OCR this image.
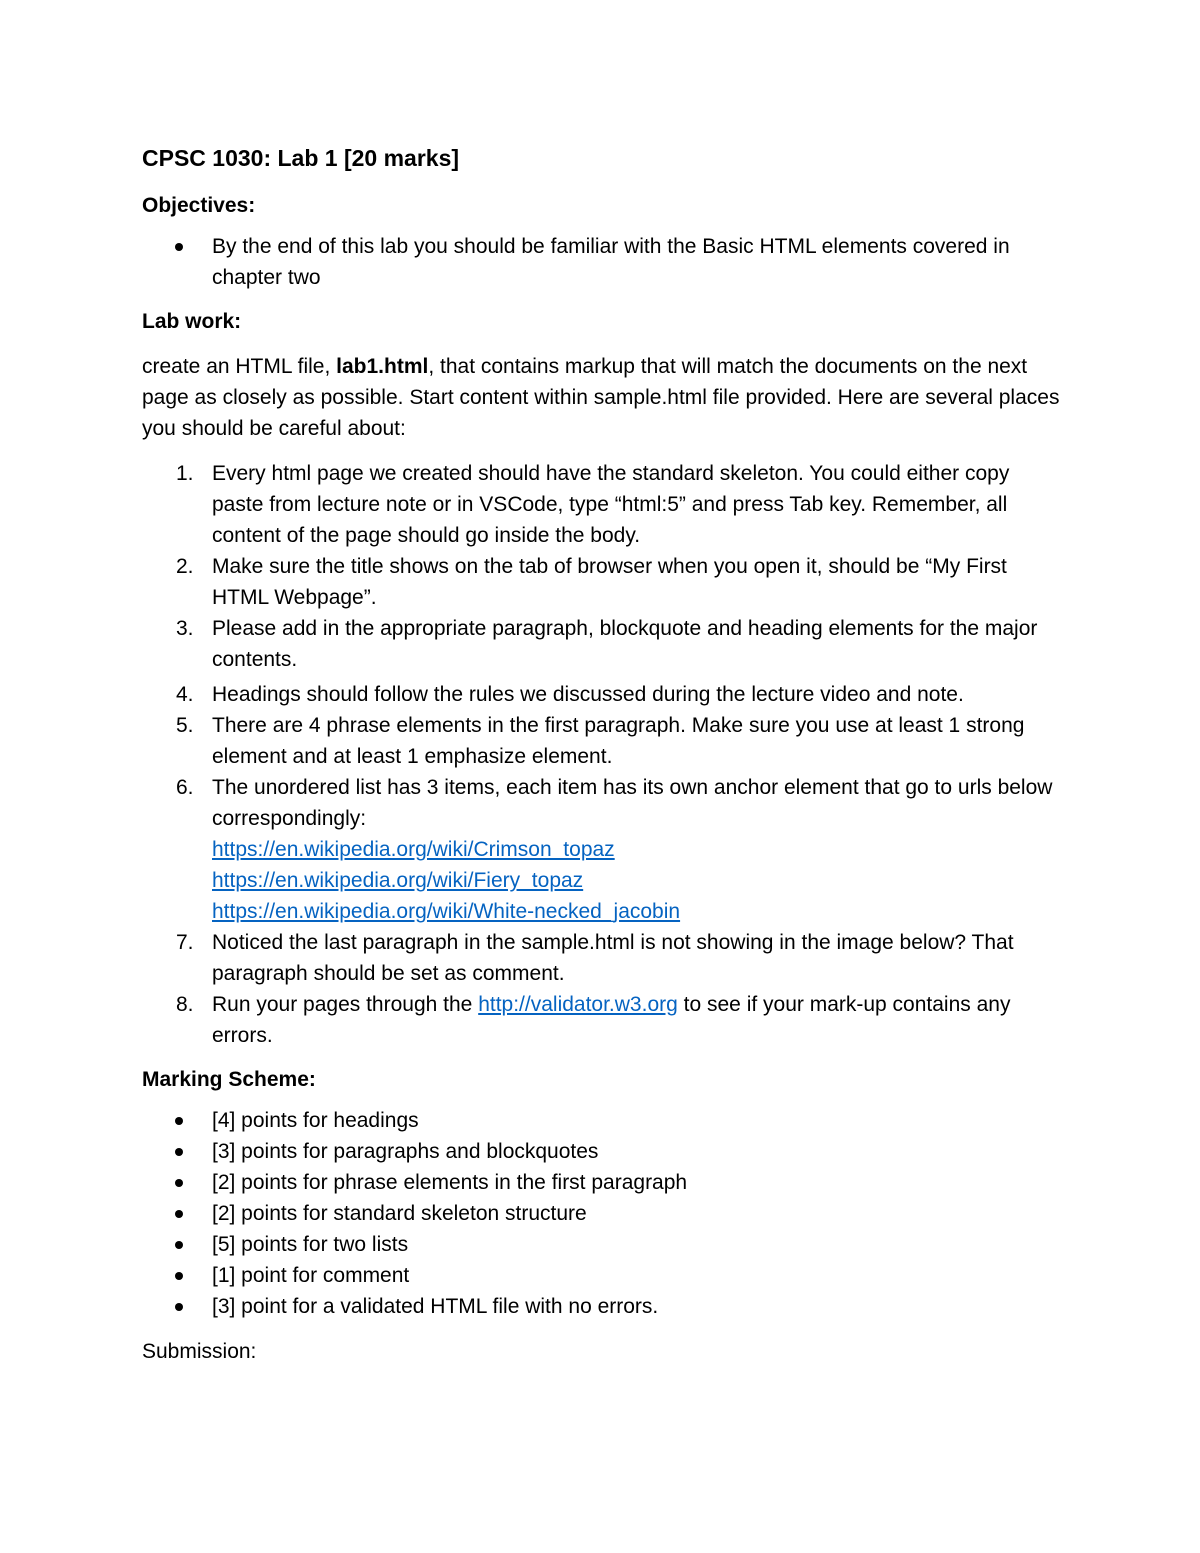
CPSC 1030: Lab 1 [20 marks]
Objectives:
By the end of this lab you should be familiar with the Basic HTML elements covered in chapter two
Lab work:

create an HTML file, lab1.html, that contains markup that will match the documents on the next page as closely as possible. Start content within sample.html file provided. Here are several places you should be careful about:

1. Every html page we created should have the standard skeleton. You could either copy paste from lecture note or in VSCode, type “html:5” and press Tab key. Remember, all content of the page should go inside the body.
2. Make sure the title shows on the tab of browser when you open it, should be “My First HTML Webpage”.
3. Please add in the appropriate paragraph, blockquote and heading elements for the major contents.
4. Headings should follow the rules we discussed during the lecture video and note.
5. There are 4 phrase elements in the first paragraph. Make sure you use at least 1 strong element and at least 1 emphasize element.
6. The unordered list has 3 items, each item has its own anchor element that go to urls below correspondingly:
https://en.wikipedia.org/wiki/Crimson_topaz
https://en.wikipedia.org/wiki/Fiery_topaz
https://en.wikipedia.org/wiki/White-necked_jacobin
7. Noticed the last paragraph in the sample.html is not showing in the image below? That paragraph should be set as comment.
8. Run your pages through the http://validator.w3.org to see if your mark-up contains any errors.
Marking Scheme:
[4] points for headings
[3] points for paragraphs and blockquotes
[2] points for phrase elements in the first paragraph
[2] points for standard skeleton structure
[5] points for two lists
[1] point for comment
[3] point for a validated HTML file with no errors.
Submission:
